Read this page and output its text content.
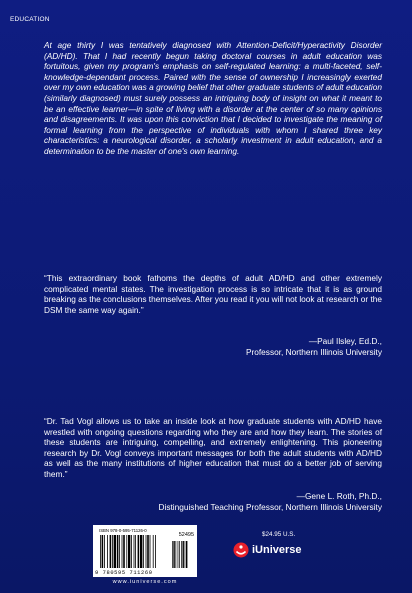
EDUCATION
At age thirty I was tentatively diagnosed with Attention-Deficit/Hyperactivity Disorder (AD/HD). That I had recently begun taking doctoral courses in adult education was fortuitous, given my program's emphasis on self-regulated learning: a multi-faceted, self-knowledge-dependant process. Paired with the sense of ownership I increasingly exerted over my own education was a growing belief that other graduate students of adult education (similarly diagnosed) must surely possess an intriguing body of insight on what it meant to be an effective learner—in spite of living with a disorder at the center of so many opinions and disagreements. It was upon this conviction that I decided to investigate the meaning of formal learning from the perspective of individuals with whom I shared three key characteristics: a neurological disorder, a scholarly investment in adult education, and a determination to be the master of one's own learning.
“This extraordinary book fathoms the depths of adult AD/HD and other extremely complicated mental states. The investigation process is so intricate that it is as ground breaking as the conclusions themselves. After you read it you will not look at research or the DSM the same way again.”
—Paul Ilsley, Ed.D.,
Professor, Northern Illinois University
“Dr. Tad Vogl allows us to take an inside look at how graduate students with AD/HD have wrestled with ongoing questions regarding who they are and how they learn. The stories of these students are intriguing, compelling, and extremely enlightening. This pioneering research by Dr. Vogl conveys important messages for both the adult students with AD/HD as well as the many institutions of higher education that must do a better job of serving them.”
—Gene L. Roth, Ph.D.,
Distinguished Teaching Professor, Northern Illinois University
ISBN 978-0-595-71126-0
52495
9 780595 711260
www.iuniverse.com
$24.95 U.S.
iUniverse
